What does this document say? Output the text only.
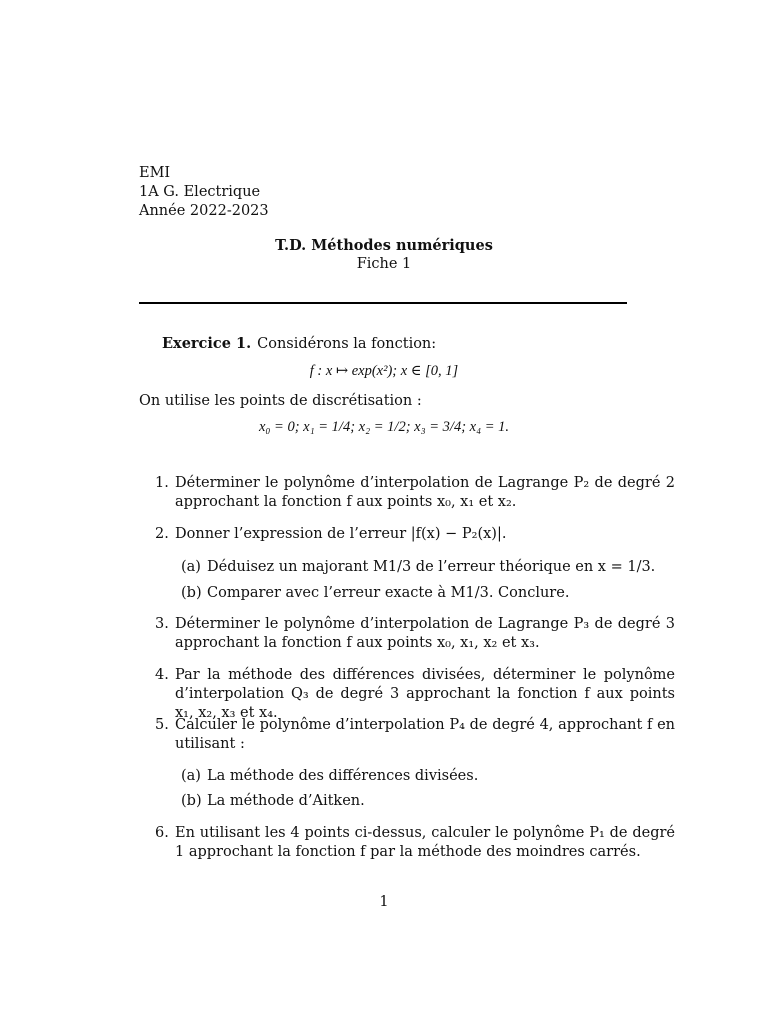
EMI
1A G. Electrique
Année 2022-2023
T.D. Méthodes numériques
Fiche 1
Exercice 1. Considérons la fonction:
f : x ↦ exp(x²); x ∈ [0, 1]
On utilise les points de discrétisation :
x₀ = 0; x₁ = 1/4; x₂ = 1/2; x₃ = 3/4; x₄ = 1.
1. Déterminer le polynôme d’interpolation de Lagrange P₂ de degré 2 approchant la fonction f aux points x₀, x₁ et x₂.
2. Donner l’expression de l’erreur |f(x) − P₂(x)|.
(a) Déduisez un majorant M1/3 de l’erreur théorique en x = 1/3.
(b) Comparer avec l’erreur exacte à M1/3. Conclure.
3. Déterminer le polynôme d’interpolation de Lagrange P₃ de degré 3 approchant la fonction f aux points x₀, x₁, x₂ et x₃.
4. Par la méthode des différences divisées, déterminer le polynôme d’interpolation Q₃ de degré 3 approchant la fonction f aux points x₁, x₂, x₃ et x₄.
5. Calculer le polynôme d’interpolation P₄ de degré 4, approchant f en utilisant :
(a) La méthode des différences divisées.
(b) La méthode d’Aitken.
6. En utilisant les 4 points ci-dessus, calculer le polynôme P₁ de degré 1 approchant la fonction f par la méthode des moindres carrés.
1
